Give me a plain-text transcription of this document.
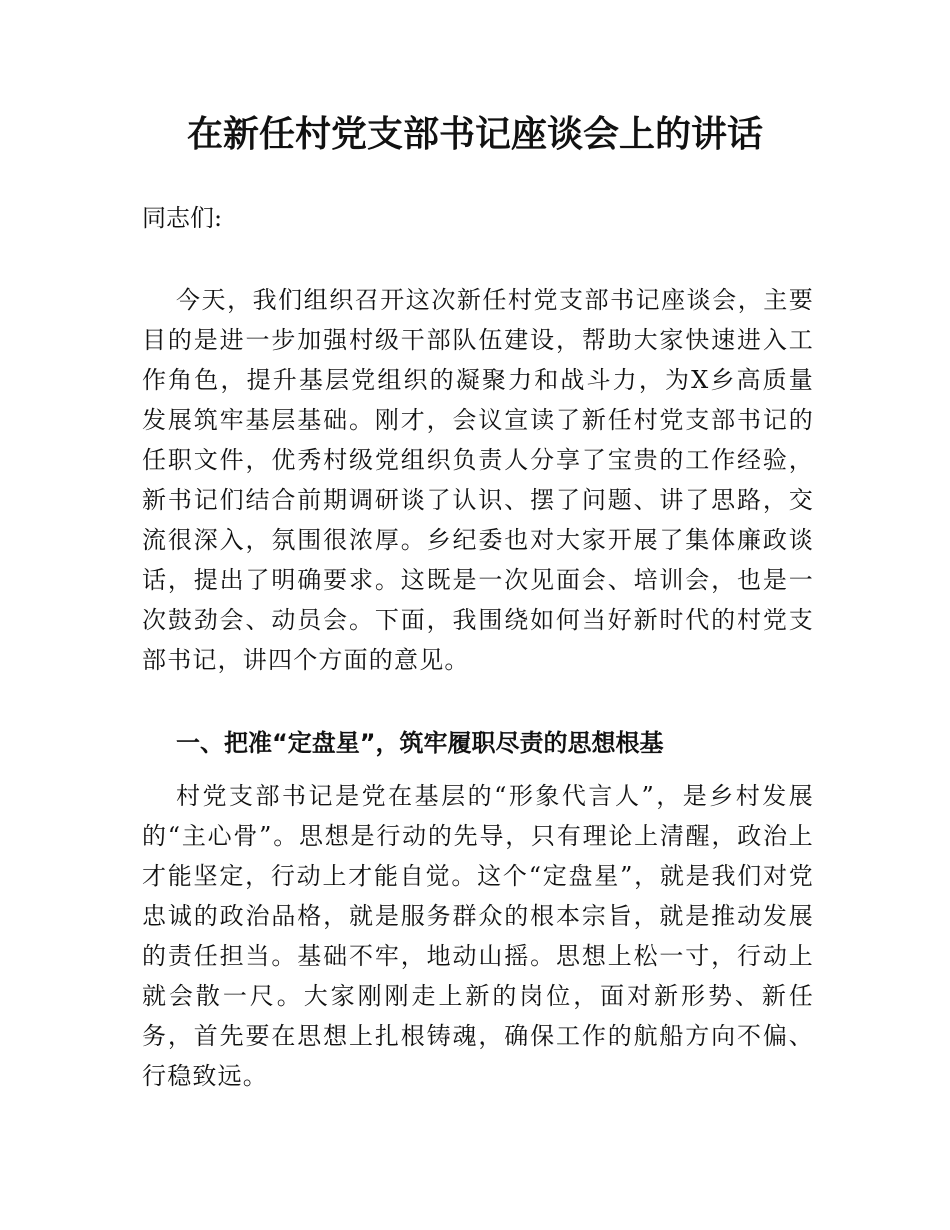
在新任村党支部书记座谈会上的讲话
同志们:
今天，我们组织召开这次新任村党支部书记座谈会，主要目的是进一步加强村级干部队伍建设，帮助大家快速进入工作角色，提升基层党组织的凝聚力和战斗力，为X乡高质量发展筑牢基层基础。刚才，会议宣读了新任村党支部书记的任职文件，优秀村级党组织负责人分享了宝贵的工作经验，新书记们结合前期调研谈了认识、摆了问题、讲了思路，交流很深入，氛围很浓厚。乡纪委也对大家开展了集体廉政谈话，提出了明确要求。这既是一次见面会、培训会，也是一次鼓劲会、动员会。下面，我围绕如何当好新时代的村党支部书记，讲四个方面的意见。
一、把准“定盘星”，筑牢履职尽责的思想根基
村党支部书记是党在基层的“形象代言人”，是乡村发展的“主心骨”。思想是行动的先导，只有理论上清醒，政治上才能坚定，行动上才能自觉。这个“定盘星”，就是我们对党忠诚的政治品格，就是服务群众的根本宗旨，就是推动发展的责任担当。基础不牢，地动山摇。思想上松一寸，行动上就会散一尺。大家刚刚走上新的岗位，面对新形势、新任务，首先要在思想上扎根铸魂，确保工作的航船方向不偏、行稳致远。
